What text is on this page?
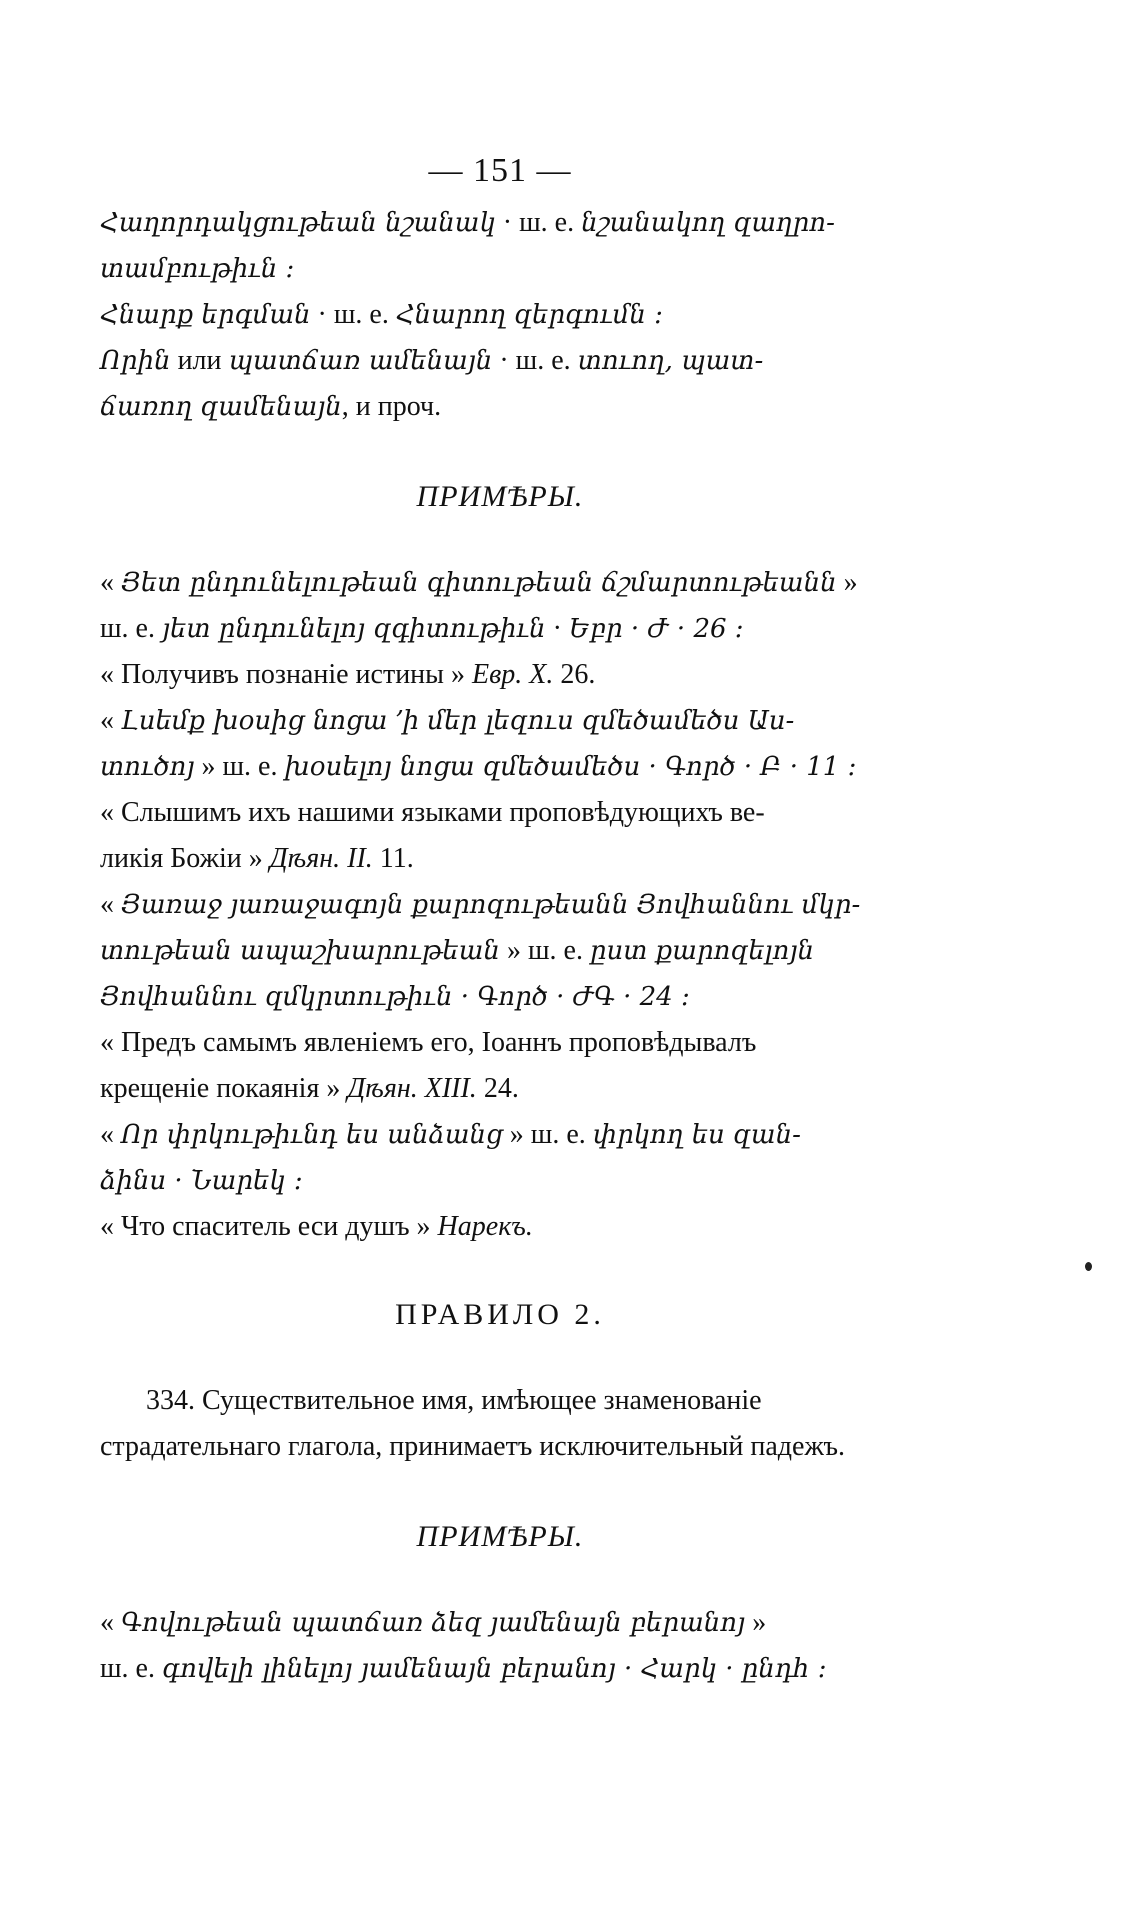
— 151 —
Հաղորդակցութեան նշանակ · ш. е. նշանակող զաղրո-
տամբութիւն ։
Հնարք երգման · ш. е. Հնարող զերգումն ։
Որին или պատճառ ամենայն · ш. е. տուող, պատ-
ճառող զամենայն, и проч.
ПРИМѢРЫ.
« Յետ ընդունելութեան գիտութեան ճշմարտութեանն »
ш. е. յետ ընդունելոյ զգիտութիւն · Եբր · Ժ · 26 ։
« Получивъ познаніе истины » Евр. X. 26.
« Լսեմք խօսից նոցա ՚ի մեր լեզուս զմեծամեծս Աս-
տուծոյ » ш. е. խօսելոյ նոցա զմեծամեծս · Գործ · Բ · 11 ։
« Слышимъ ихъ нашими языками проповѣдующихъ ве-
ликія Божіи » Дѣян. II. 11.
« Յառաջ յառաջագոյն քարոզութեանն Յովհաննու մկր-
տութեան ապաշխարութեան » ш. е. ըստ քարոզելոյն
Յովհաննու զմկրտութիւն · Գործ · ԺԳ · 24 ։
« Предъ самымъ явленіемъ его, Іоаннъ проповѣдывалъ
крещеніе покаянія » Дѣян. XIII. 24.
« Որ փրկութիւնդ ես անձանց » ш. е. փրկող ես զան-
ձինս · Նարեկ ։
« Что спаситель еси душъ » Нарекъ.
ПРАВИЛО 2.
334. Существительное имя, имѣющее знаменованіе страдательнаго глагола, принимаетъ исключительный падежъ.
ПРИМѢРЫ.
« Գովութեան պատճառ ձեզ յամենայն բերանոյ »
ш. е. գովելի լինելոյ յամենայն բերանոյ · Հարկ · ընդհ ։
